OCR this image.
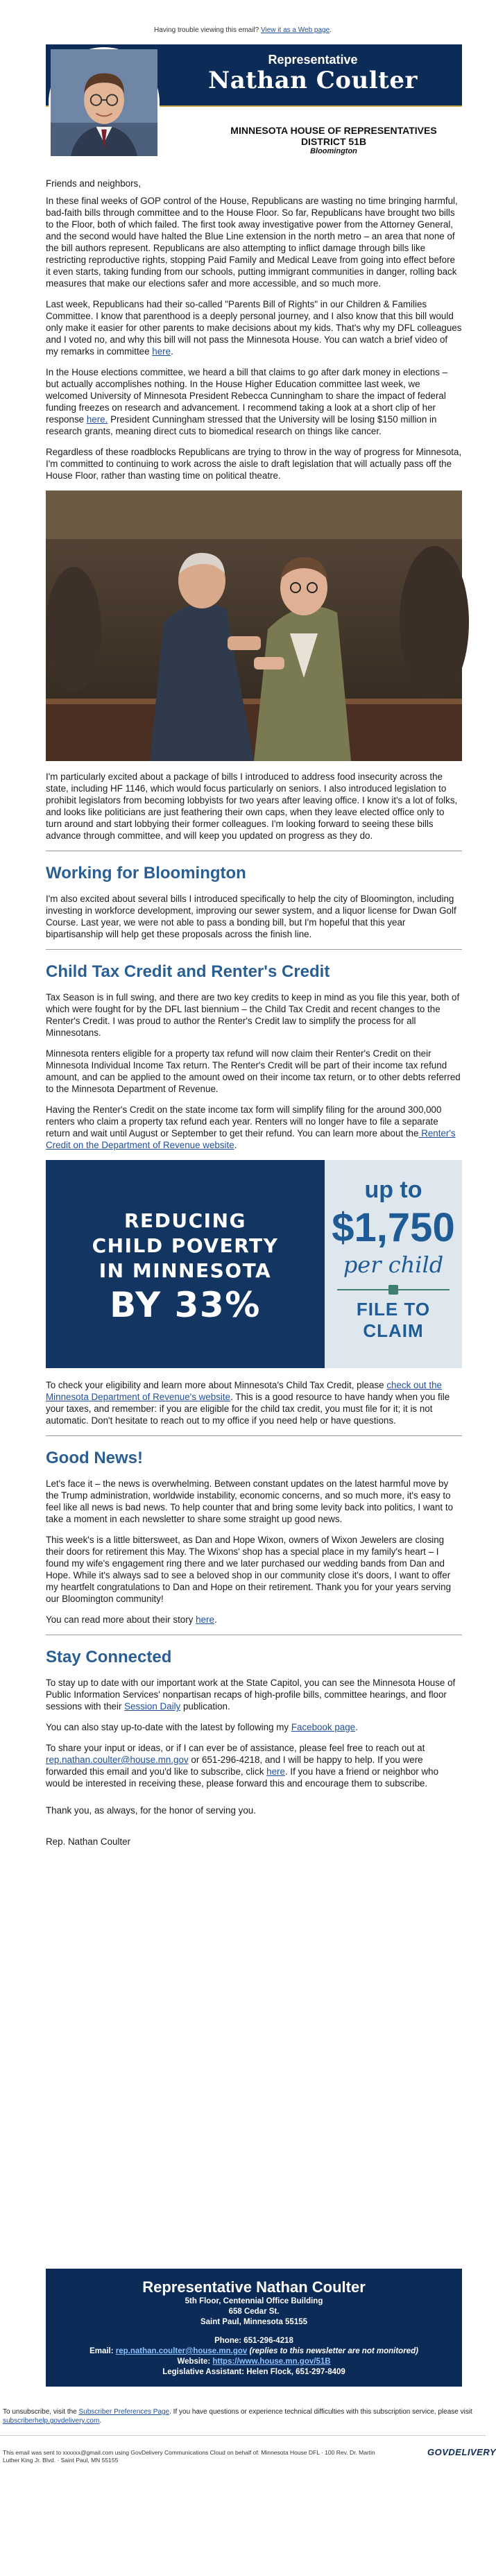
Having trouble viewing this email? View it as a Web page.
Representative
Nathan Coulter
MINNESOTA HOUSE OF REPRESENTATIVES
DISTRICT 51B
Bloomington

Friends and neighbors,

In these final weeks of GOP control of the House, Republicans are wasting no time bringing harmful, bad-faith bills through committee and to the House Floor. So far, Republicans have brought two bills to the Floor, both of which failed. The first took away investigative power from the Attorney General, and the second would have halted the Blue Line extension in the north metro – an area that none of the bill authors represent. Republicans are also attempting to inflict damage through bills like restricting reproductive rights, stopping Paid Family and Medical Leave from going into effect before it even starts, taking funding from our schools, putting immigrant communities in danger, rolling back measures that make our elections safer and more accessible, and so much more.

Last week, Republicans had their so-called "Parents Bill of Rights" in our Children & Families Committee. I know that parenthood is a deeply personal journey, and I also know that this bill would only make it easier for other parents to make decisions about my kids. That's why my DFL colleagues and I voted no, and why this bill will not pass the Minnesota House. You can watch a brief video of my remarks in committee here.

In the House elections committee, we heard a bill that claims to go after dark money in elections – but actually accomplishes nothing. In the House Higher Education committee last week, we welcomed University of Minnesota President Rebecca Cunningham to share the impact of federal funding freezes on research and advancement. I recommend taking a look at a short clip of her response here. President Cunningham stressed that the University will be losing $150 million in research grants, meaning direct cuts to biomedical research on things like cancer.

Regardless of these roadblocks Republicans are trying to throw in the way of progress for Minnesota, I'm committed to continuing to work across the aisle to draft legislation that will actually pass off the House Floor, rather than wasting time on political theatre.

I'm particularly excited about a package of bills I introduced to address food insecurity across the state, including HF 1146, which would focus particularly on seniors. I also introduced legislation to prohibit legislators from becoming lobbyists for two years after leaving office. I know it's a lot of folks, and looks like politicians are just feathering their own caps, when they leave elected office only to turn around and start lobbying their former colleagues. I'm looking forward to seeing these bills advance through committee, and will keep you updated on progress as they do.

Working for Bloomington

I'm also excited about several bills I introduced specifically to help the city of Bloomington, including investing in workforce development, improving our sewer system, and a liquor license for Dwan Golf Course. Last year, we were not able to pass a bonding bill, but I'm hopeful that this year bipartisanship will help get these proposals across the finish line.

Child Tax Credit and Renter's Credit

Tax Season is in full swing, and there are two key credits to keep in mind as you file this year, both of which were fought for by the DFL last biennium – the Child Tax Credit and recent changes to the Renter's Credit. I was proud to author the Renter's Credit law to simplify the process for all Minnesotans.

Minnesota renters eligible for a property tax refund will now claim their Renter's Credit on their Minnesota Individual Income Tax return. The Renter's Credit will be part of their income tax refund amount, and can be applied to the amount owed on their income tax return, or to other debts referred to the Minnesota Department of Revenue.

Having the Renter's Credit on the state income tax form will simplify filing for the around 300,000 renters who claim a property tax refund each year. Renters will no longer have to file a separate return and wait until August or September to get their refund. You can learn more about the Renter's Credit on the Department of Revenue website.

REDUCING
CHILD POVERTY
IN MINNESOTA
BY 33%
up to
$1,750
per child
FILE TO CLAIM

To check your eligibility and learn more about Minnesota's Child Tax Credit, please check out the Minnesota Department of Revenue's website. This is a good resource to have handy when you file your taxes, and remember: if you are eligible for the child tax credit, you must file for it; it is not automatic. Don't hesitate to reach out to my office if you need help or have questions.

Good News!

Let's face it – the news is overwhelming. Between constant updates on the latest harmful move by the Trump administration, worldwide instability, economic concerns, and so much more, it's easy to feel like all news is bad news. To help counter that and bring some levity back into politics, I want to take a moment in each newsletter to share some straight up good news.

This week's is a little bittersweet, as Dan and Hope Wixon, owners of Wixon Jewelers are closing their doors for retirement this May. The Wixons' shop has a special place in my family's heart – I found my wife's engagement ring there and we later purchased our wedding bands from Dan and Hope. While it's always sad to see a beloved shop in our community close it's doors, I want to offer my heartfelt congratulations to Dan and Hope on their retirement. Thank you for your years serving our Bloomington community!

You can read more about their story here.

Stay Connected

To stay up to date with our important work at the State Capitol, you can see the Minnesota House of Public Information Services' nonpartisan recaps of high-profile bills, committee hearings, and floor sessions with their Session Daily publication.

You can also stay up-to-date with the latest by following my Facebook page.

To share your input or ideas, or if I can ever be of assistance, please feel free to reach out at rep.nathan.coulter@house.mn.gov or 651-296-4218, and I will be happy to help. If you were forwarded this email and you'd like to subscribe, click here. If you have a friend or neighbor who would be interested in receiving these, please forward this and encourage them to subscribe.

Thank you, as always, for the honor of serving you.

Rep. Nathan Coulter

Representative Nathan Coulter
5th Floor, Centennial Office Building
658 Cedar St.
Saint Paul, Minnesota 55155
Phone: 651-296-4218
Email: rep.nathan.coulter@house.mn.gov (replies to this newsletter are not monitored)
Website: https://www.house.mn.gov/51B
Legislative Assistant: Helen Flock, 651-297-8409
To unsubscribe, visit the Subscriber Preferences Page. If you have questions or experience technical difficulties with this subscription service, please visit subscriberhelp.govdelivery.com.
This email was sent to xxxxxx@gmail.com using GovDelivery Communications Cloud on behalf of: Minnesota House DFL · 100 Rev. Dr. Martin Luther King Jr. Blvd. · Saint Paul, MN 55155
GOVDELIVERY
